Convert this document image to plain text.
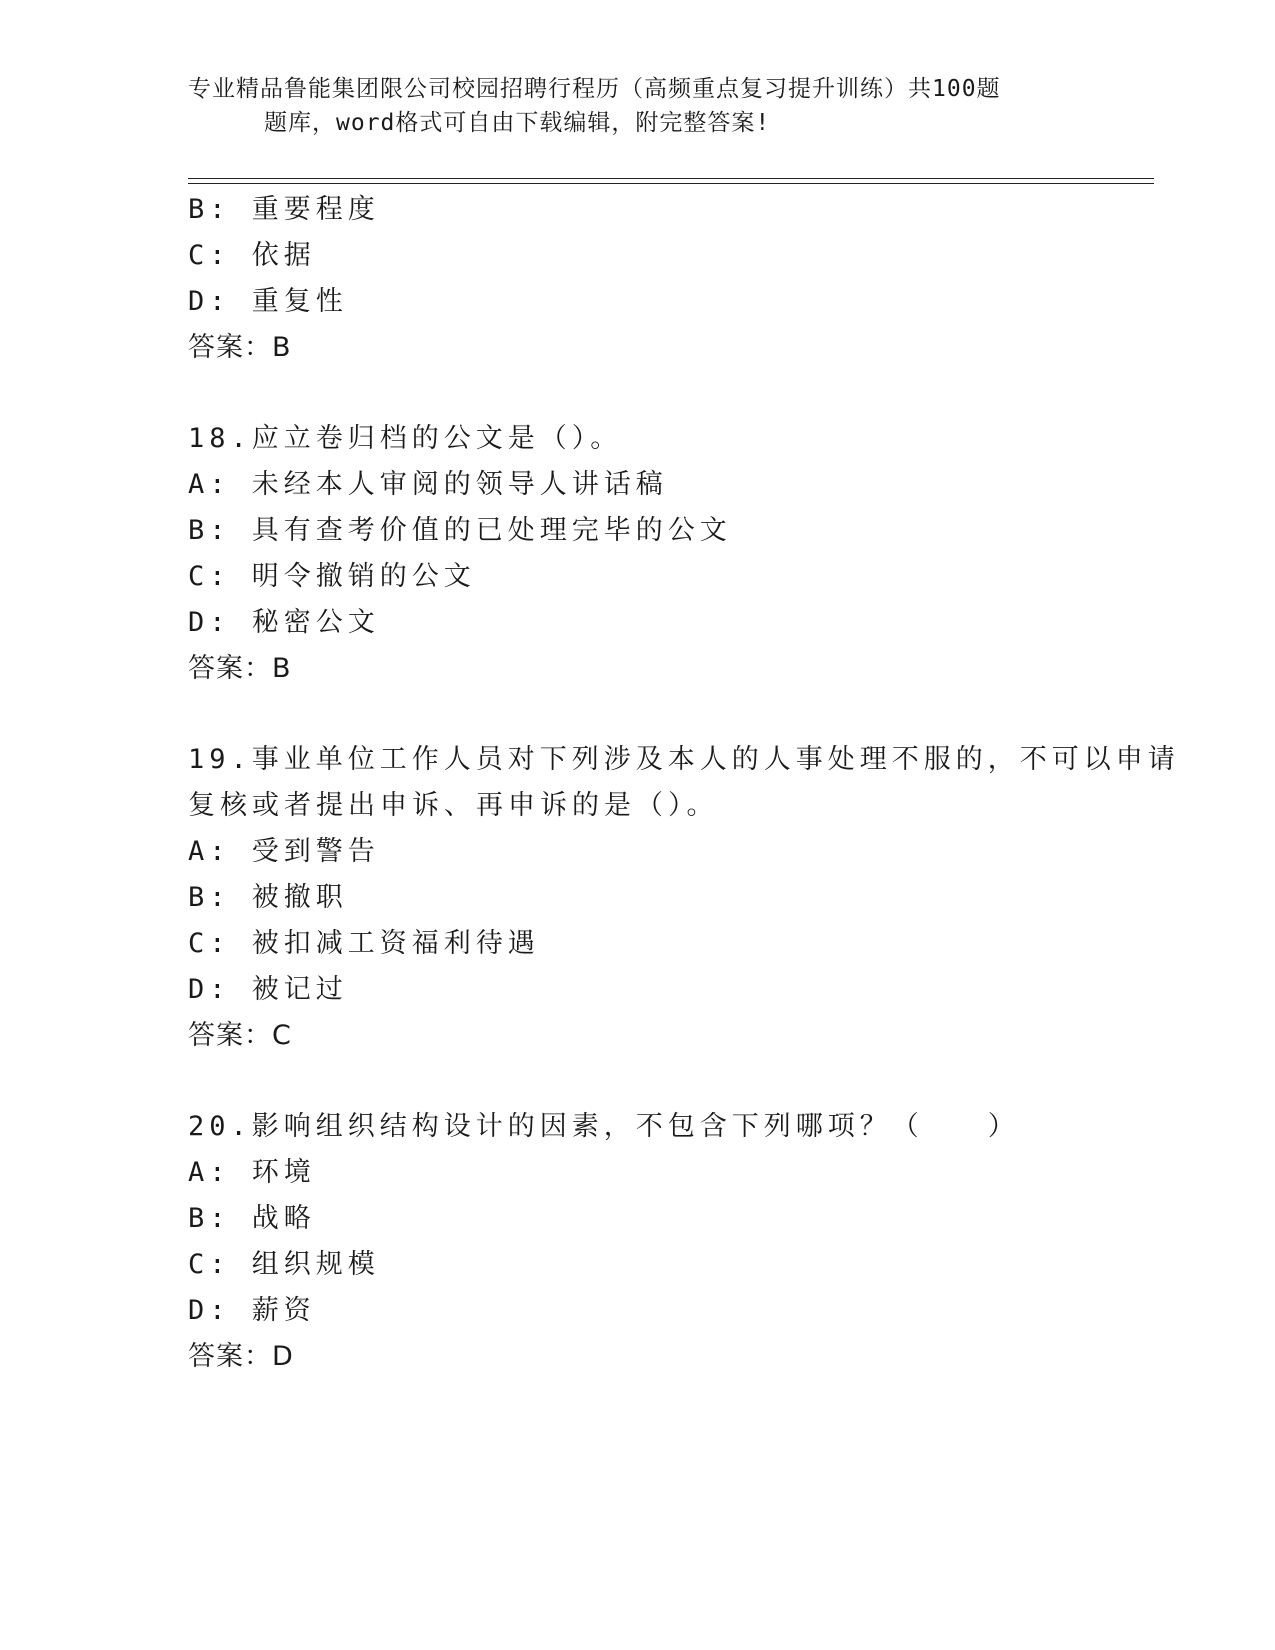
专业精品鲁能集团限公司校园招聘行程历（高频重点复习提升训练）共100题
题库，word格式可自由下载编辑，附完整答案!
B: 重要程度
C: 依据
D: 重复性
答案：B
18.应立卷归档的公文是（）。
A: 未经本人审阅的领导人讲话稿
B: 具有查考价值的已处理完毕的公文
C: 明令撤销的公文
D: 秘密公文
答案：B
19.事业单位工作人员对下列涉及本人的人事处理不服的，不可以申请
复核或者提出申诉、再申诉的是（）。
A: 受到警告
B: 被撤职
C: 被扣减工资福利待遇
D: 被记过
答案：C
20.影响组织结构设计的因素，不包含下列哪项？（　　）
A: 环境
B: 战略
C: 组织规模
D: 薪资
答案：D
